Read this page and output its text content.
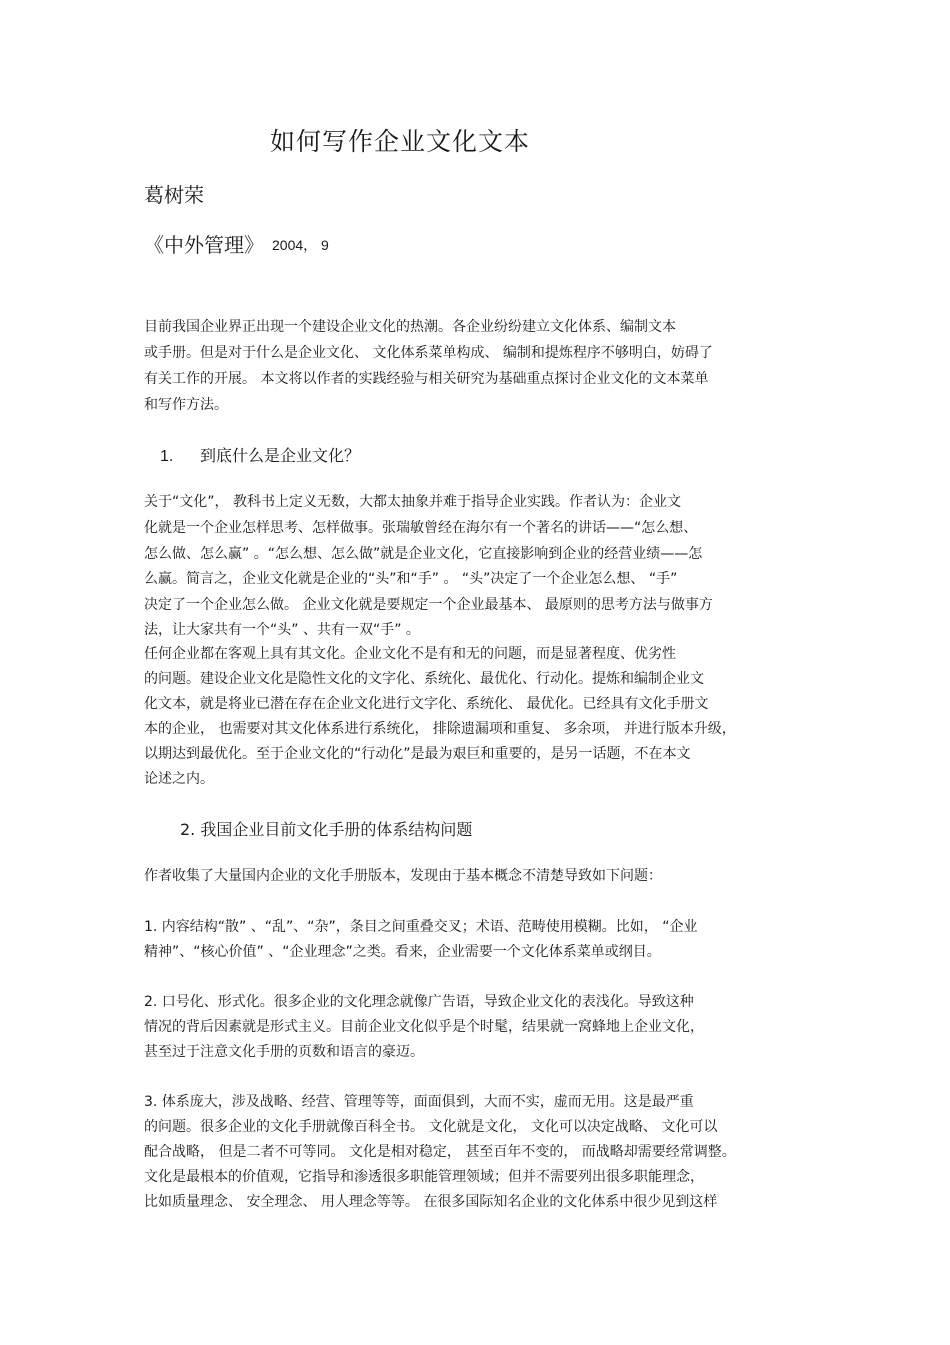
如何写作企业文化文本
葛树荣
《中外管理》 2004， 9
目前我国企业界正出现一个建设企业文化的热潮。各企业纷纷建立文化体系、编制文本
或手册。但是对于什么是企业文化、 文化体系菜单构成、 编制和提炼程序不够明白，妨碍了
有关工作的开展。 本文将以作者的实践经验与相关研究为基础重点探讨企业文化的文本菜单
和写作方法。
1. 到底什么是企业文化？
关于“文化”， 教科书上定义无数，大都太抽象并难于指导企业实践。作者认为：企业文
化就是一个企业怎样思考、怎样做事。张瑞敏曾经在海尔有一个著名的讲话——“怎么想、
怎么做、怎么赢” 。“怎么想、怎么做”就是企业文化，它直接影响到企业的经营业绩——怎
么赢。简言之，企业文化就是企业的“头”和“手” 。 “头”决定了一个企业怎么想、 “手”
决定了一个企业怎么做。 企业文化就是要规定一个企业最基本、 最原则的思考方法与做事方
法，让大家共有一个“头” 、共有一双“手” 。
任何企业都在客观上具有其文化。企业文化不是有和无的问题，而是显著程度、优劣性
的问题。建设企业文化是隐性文化的文字化、系统化、最优化、行动化。提炼和编制企业文
化文本，就是将业已潜在存在企业文化进行文字化、系统化、 最优化。已经具有文化手册文
本的企业， 也需要对其文化体系进行系统化， 排除遗漏项和重复、 多余项， 并进行版本升级，
以期达到最优化。至于企业文化的“行动化”是最为艰巨和重要的，是另一话题，不在本文
论述之内。
2. 我国企业目前文化手册的体系结构问题
作者收集了大量国内企业的文化手册版本，发现由于基本概念不清楚导致如下问题：
1. 内容结构“散” 、“乱”、“杂”，条目之间重叠交叉；术语、范畴使用模糊。比如， “企业
精神”、“核心价值” 、“企业理念”之类。看来，企业需要一个文化体系菜单或纲目。
2. 口号化、形式化。很多企业的文化理念就像广告语，导致企业文化的表浅化。导致这种
情况的背后因素就是形式主义。目前企业文化似乎是个时髦，结果就一窝蜂地上企业文化，
甚至过于注意文化手册的页数和语言的豪迈。
3. 体系庞大，涉及战略、经营、管理等等，面面俱到，大而不实，虚而无用。这是最严重
的问题。很多企业的文化手册就像百科全书。 文化就是文化， 文化可以决定战略、 文化可以
配合战略， 但是二者不可等同。 文化是相对稳定， 甚至百年不变的， 而战略却需要经常调整。
文化是最根本的价值观，它指导和渗透很多职能管理领域；但并不需要列出很多职能理念，
比如质量理念、 安全理念、 用人理念等等。 在很多国际知名企业的文化体系中很少见到这样
